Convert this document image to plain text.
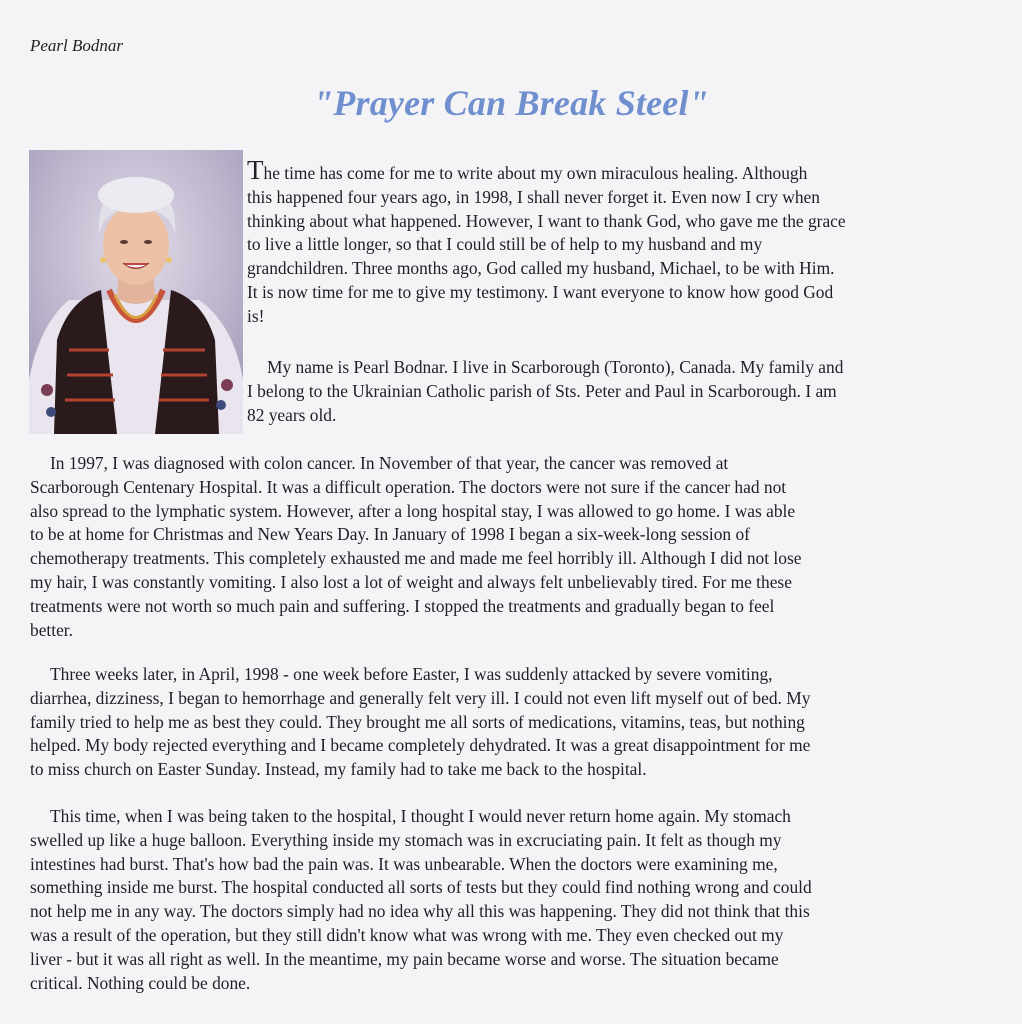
Pearl Bodnar
"Prayer Can Break Steel"

The time has come for me to write about my own miraculous healing. Although
this happened four years ago, in 1998, I shall never forget it. Even now I cry when
thinking about what happened. However, I want to thank God, who gave me the grace
to live a little longer, so that I could still be of help to my husband and my
grandchildren. Three months ago, God called my husband, Michael, to be with Him.
It is now time for me to give my testimony. I want everyone to know how good God
is!

My name is Pearl Bodnar. I live in Scarborough (Toronto), Canada. My family and
I belong to the Ukrainian Catholic parish of Sts. Peter and Paul in Scarborough. I am
82 years old.

In 1997, I was diagnosed with colon cancer. In November of that year, the cancer was removed at
Scarborough Centenary Hospital. It was a difficult operation. The doctors were not sure if the cancer had not
also spread to the lymphatic system. However, after a long hospital stay, I was allowed to go home. I was able
to be at home for Christmas and New Years Day. In January of 1998 I began a six-week-long session of
chemotherapy treatments. This completely exhausted me and made me feel horribly ill. Although I did not lose
my hair, I was constantly vomiting. I also lost a lot of weight and always felt unbelievably tired. For me these
treatments were not worth so much pain and suffering. I stopped the treatments and gradually began to feel
better.

Three weeks later, in April, 1998 - one week before Easter, I was suddenly attacked by severe vomiting,
diarrhea, dizziness, I began to hemorrhage and generally felt very ill. I could not even lift myself out of bed. My
family tried to help me as best they could. They brought me all sorts of medications, vitamins, teas, but nothing
helped. My body rejected everything and I became completely dehydrated. It was a great disappointment for me
to miss church on Easter Sunday. Instead, my family had to take me back to the hospital.

This time, when I was being taken to the hospital, I thought I would never return home again. My stomach
swelled up like a huge balloon. Everything inside my stomach was in excruciating pain. It felt as though my
intestines had burst. That's how bad the pain was. It was unbearable. When the doctors were examining me,
something inside me burst. The hospital conducted all sorts of tests but they could find nothing wrong and could
not help me in any way. The doctors simply had no idea why all this was happening. They did not think that this
was a result of the operation, but they still didn't know what was wrong with me. They even checked out my
liver - but it was all right as well. In the meantime, my pain became worse and worse. The situation became
critical. Nothing could be done.
